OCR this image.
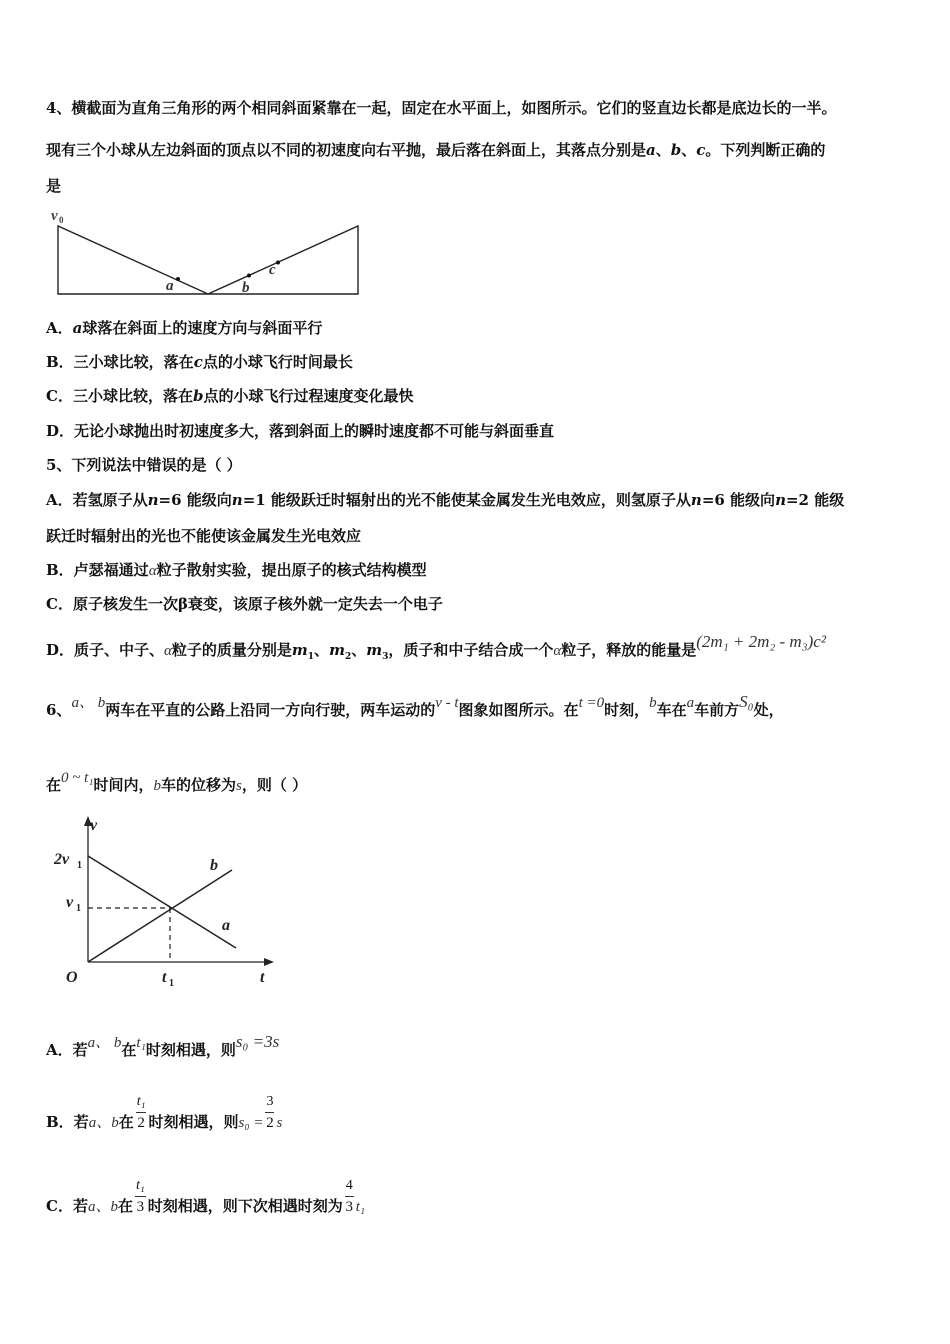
4、横截面为直角三角形的两个相同斜面紧靠在一起，固定在水平面上，如图所示。它们的竖直边长都是底边长的一半。
现有三个小球从左边斜面的顶点以不同的初速度向右平抛，最后落在斜面上，其落点分别是a、b、c。下列判断正确的
是
v 0
a	b
c
A．a球落在斜面上的速度方向与斜面平行
B．三小球比较，落在c点的小球飞行时间最长
C．三小球比较，落在b点的小球飞行过程速度变化最快
D．无论小球抛出时初速度多大，落到斜面上的瞬时速度都不可能与斜面垂直
5、下列说法中错误的是（ ）
A．若氢原子从n=6 能级向n=1 能级跃迁时辐射出的光不能使某金属发生光电效应，则氢原子从n=6 能级向n=2 能级
跃迁时辐射出的光也不能使该金属发生光电效应
B．卢瑟福通过α粒子散射实验，提出原子的核式结构模型
C．原子核发生一次β衰变，该原子核外就一定失去一个电子
D．质子、中子、α粒子的质量分别是$m_1$、$m_2$、$m_3$，质子和中子结合成一个α粒子，释放的能量是(2m₁ + 2m₂ - m₃)c²
6、a、 b两车在平直的公路上沿同一方向行驶，两车运动的v - t图象如图所示。在t =0时刻，b车在a车前方S₀处，
在0 ~ t₁时间内，b车的位移为s，则（ ）
v
t
O
2v 1
v 1
t 1
b
a
A．若a、 b在t₁时刻相遇，则s₀ =3s
B．若a、b在 $\frac{\text{t₁}}{2}$ 时刻相遇，则$s_0 = \frac{3}{2}$ s
C．若a、b在 $\frac{\text{t₁}}{3}$ 时刻相遇，则下次相遇时刻为 $\frac{4}{3} t_1$
